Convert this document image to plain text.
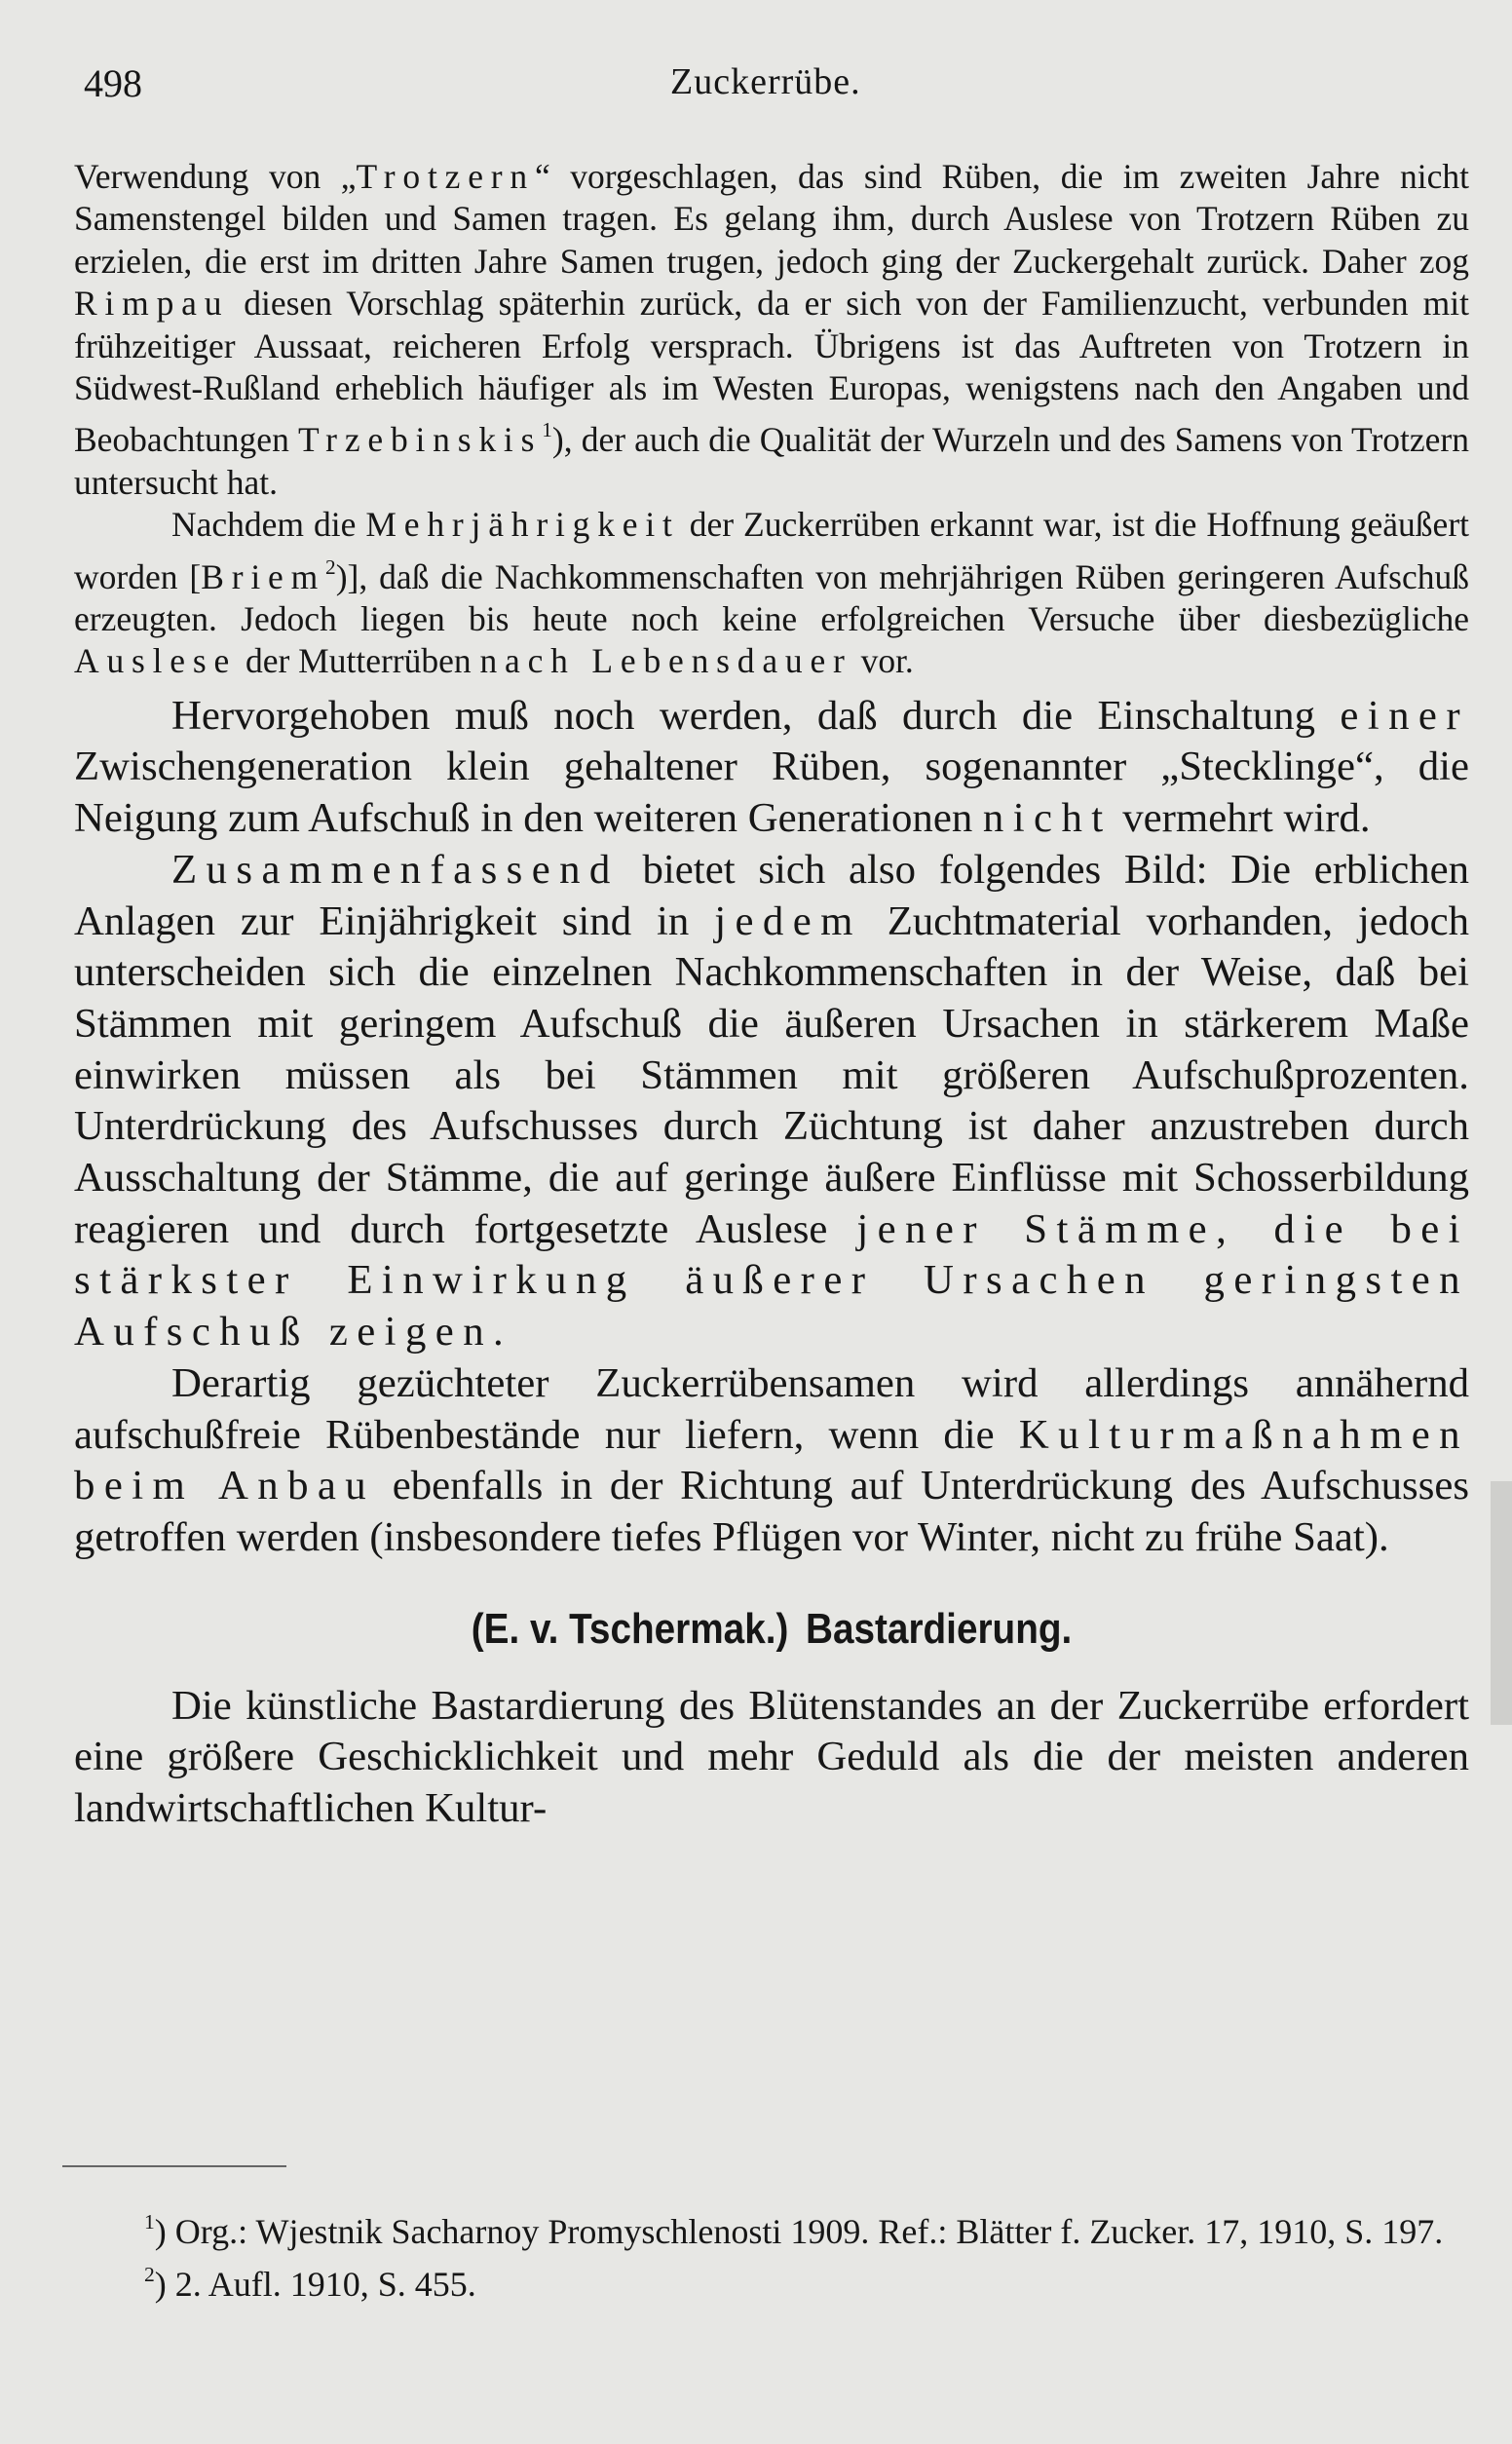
498	Zuckerrübe.

Verwendung von „Trotzern“ vorgeschlagen, das sind Rüben, die im zweiten Jahre nicht Samenstengel bilden und Samen tragen. Es gelang ihm, durch Auslese von Trotzern Rüben zu erzielen, die erst im dritten Jahre Samen trugen, jedoch ging der Zuckergehalt zurück. Daher zog Rimpau diesen Vorschlag späterhin zurück, da er sich von der Familienzucht, verbunden mit frühzeitiger Aussaat, reicheren Erfolg versprach. Übrigens ist das Auftreten von Trotzern in Südwest-Rußland erheblich häufiger als im Westen Europas, wenigstens nach den Angaben und Beobachtungen Trzebinskis$^1$), der auch die Qualität der Wurzeln und des Samens von Trotzern untersucht hat.

Nachdem die Mehrjährigkeit der Zuckerrüben erkannt war, ist die Hoffnung geäußert worden [Briem$^2$)], daß die Nachkommenschaften von mehrjährigen Rüben geringeren Aufschuß erzeugten. Jedoch liegen bis heute noch keine erfolgreichen Versuche über diesbezügliche Auslese der Mutterrüben nach Lebensdauer vor.

Hervorgehoben muß noch werden, daß durch die Einschaltung einer Zwischengeneration klein gehaltener Rüben, sogenannter „Stecklinge“, die Neigung zum Aufschuß in den weiteren Generationen nicht vermehrt wird.

Zusammenfassend bietet sich also folgendes Bild: Die erblichen Anlagen zur Einjährigkeit sind in jedem Zuchtmaterial vorhanden, jedoch unterscheiden sich die einzelnen Nachkommenschaften in der Weise, daß bei Stämmen mit geringem Aufschuß die äußeren Ursachen in stärkerem Maße einwirken müssen als bei Stämmen mit größeren Aufschußprozenten. Unterdrückung des Aufschusses durch Züchtung ist daher anzustreben durch Ausschaltung der Stämme, die auf geringe äußere Einflüsse mit Schosserbildung reagieren und durch fortgesetzte Auslese jener Stämme, die bei stärkster Einwirkung äußerer Ursachen geringsten Aufschuß zeigen.

Derartig gezüchteter Zuckerrübensamen wird allerdings annähernd aufschußfreie Rübenbestände nur liefern, wenn die Kulturmaßnahmen beim Anbau ebenfalls in der Richtung auf Unterdrückung des Aufschusses getroffen werden (insbesondere tiefes Pflügen vor Winter, nicht zu frühe Saat).

(E. v. Tschermak.) Bastardierung.

Die künstliche Bastardierung des Blütenstandes an der Zuckerrübe erfordert eine größere Geschicklichkeit und mehr Geduld als die der meisten anderen landwirtschaftlichen Kultur-

$^1$) Org.: Wjestnik Sacharnoy Promyschlenosti 1909. Ref.: Blätter f. Zucker. 17, 1910, S. 197.

$^2$) 2. Aufl. 1910, S. 455.
